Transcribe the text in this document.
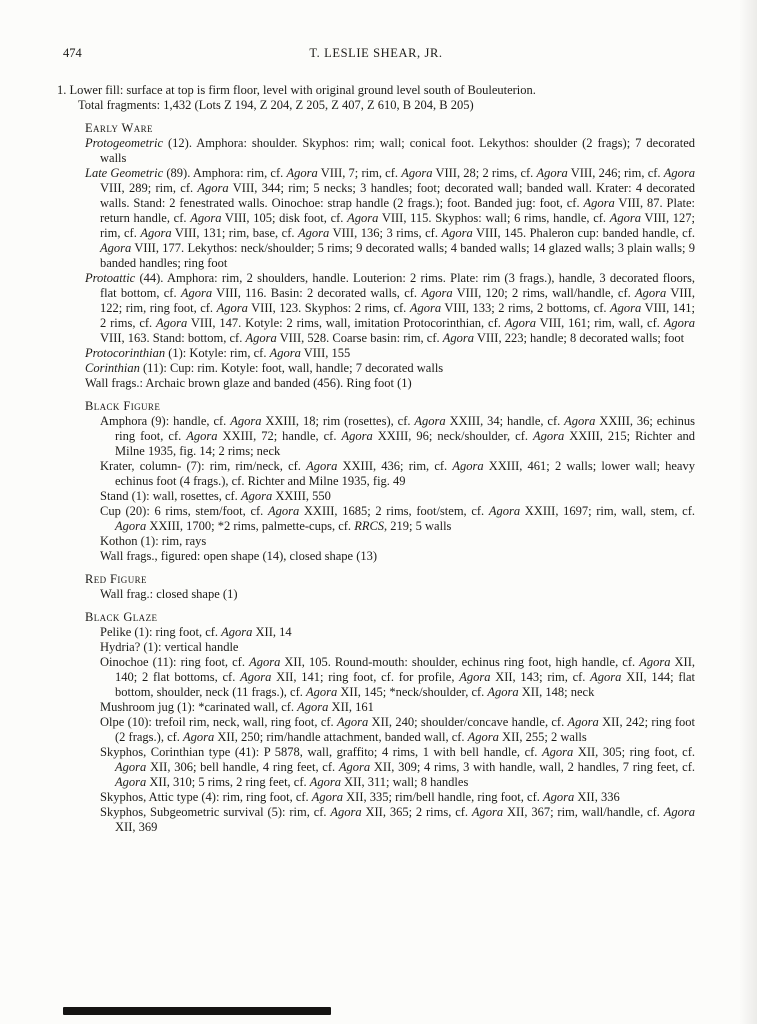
474	T. LESLIE SHEAR, JR.

1. Lower fill: surface at top is firm floor, level with original ground level south of Bouleuterion.

Total fragments: 1,432 (Lots Z 194, Z 204, Z 205, Z 407, Z 610, B 204, B 205)

Early Ware

Protogeometric (12). Amphora: shoulder. Skyphos: rim; wall; conical foot. Lekythos: shoulder (2 frags); 7 decorated walls

Late Geometric (89). Amphora: rim, cf. Agora VIII, 7; rim, cf. Agora VIII, 28; 2 rims, cf. Agora VIII, 246; rim, cf. Agora VIII, 289; rim, cf. Agora VIII, 344; rim; 5 necks; 3 handles; foot; decorated wall; banded wall. Krater: 4 decorated walls. Stand: 2 fenestrated walls. Oinochoe: strap handle (2 frags.); foot. Banded jug: foot, cf. Agora VIII, 87. Plate: return handle, cf. Agora VIII, 105; disk foot, cf. Agora VIII, 115. Skyphos: wall; 6 rims, handle, cf. Agora VIII, 127; rim, cf. Agora VIII, 131; rim, base, cf. Agora VIII, 136; 3 rims, cf. Agora VIII, 145. Phaleron cup: banded handle, cf. Agora VIII, 177. Lekythos: neck/shoulder; 5 rims; 9 decorated walls; 4 banded walls; 14 glazed walls; 3 plain walls; 9 banded handles; ring foot

Protoattic (44). Amphora: rim, 2 shoulders, handle. Louterion: 2 rims. Plate: rim (3 frags.), handle, 3 decorated floors, flat bottom, cf. Agora VIII, 116. Basin: 2 decorated walls, cf. Agora VIII, 120; 2 rims, wall/handle, cf. Agora VIII, 122; rim, ring foot, cf. Agora VIII, 123. Skyphos: 2 rims, cf. Agora VIII, 133; 2 rims, 2 bottoms, cf. Agora VIII, 141; 2 rims, cf. Agora VIII, 147. Kotyle: 2 rims, wall, imitation Protocorinthian, cf. Agora VIII, 161; rim, wall, cf. Agora VIII, 163. Stand: bottom, cf. Agora VIII, 528. Coarse basin: rim, cf. Agora VIII, 223; handle; 8 decorated walls; foot

Protocorinthian (1): Kotyle: rim, cf. Agora VIII, 155

Corinthian (11): Cup: rim. Kotyle: foot, wall, handle; 7 decorated walls

Wall frags.: Archaic brown glaze and banded (456). Ring foot (1)

Black Figure

Amphora (9): handle, cf. Agora XXIII, 18; rim (rosettes), cf. Agora XXIII, 34; handle, cf. Agora XXIII, 36; echinus ring foot, cf. Agora XXIII, 72; handle, cf. Agora XXIII, 96; neck/shoulder, cf. Agora XXIII, 215; Richter and Milne 1935, fig. 14; 2 rims; neck

Krater, column- (7): rim, rim/neck, cf. Agora XXIII, 436; rim, cf. Agora XXIII, 461; 2 walls; lower wall; heavy echinus foot (4 frags.), cf. Richter and Milne 1935, fig. 49

Stand (1): wall, rosettes, cf. Agora XXIII, 550

Cup (20): 6 rims, stem/foot, cf. Agora XXIII, 1685; 2 rims, foot/stem, cf. Agora XXIII, 1697; rim, wall, stem, cf. Agora XXIII, 1700; *2 rims, palmette-cups, cf. RRCS, 219; 5 walls

Kothon (1): rim, rays

Wall frags., figured: open shape (14), closed shape (13)

Red Figure

Wall frag.: closed shape (1)

Black Glaze

Pelike (1): ring foot, cf. Agora XII, 14

Hydria? (1): vertical handle

Oinochoe (11): ring foot, cf. Agora XII, 105. Round-mouth: shoulder, echinus ring foot, high handle, cf. Agora XII, 140; 2 flat bottoms, cf. Agora XII, 141; ring foot, cf. for profile, Agora XII, 143; rim, cf. Agora XII, 144; flat bottom, shoulder, neck (11 frags.), cf. Agora XII, 145; *neck/shoulder, cf. Agora XII, 148; neck

Mushroom jug (1): *carinated wall, cf. Agora XII, 161

Olpe (10): trefoil rim, neck, wall, ring foot, cf. Agora XII, 240; shoulder/concave handle, cf. Agora XII, 242; ring foot (2 frags.), cf. Agora XII, 250; rim/handle attachment, banded wall, cf. Agora XII, 255; 2 walls

Skyphos, Corinthian type (41): P 5878, wall, graffito; 4 rims, 1 with bell handle, cf. Agora XII, 305; ring foot, cf. Agora XII, 306; bell handle, 4 ring feet, cf. Agora XII, 309; 4 rims, 3 with handle, wall, 2 handles, 7 ring feet, cf. Agora XII, 310; 5 rims, 2 ring feet, cf. Agora XII, 311; wall; 8 handles

Skyphos, Attic type (4): rim, ring foot, cf. Agora XII, 335; rim/bell handle, ring foot, cf. Agora XII, 336

Skyphos, Subgeometric survival (5): rim, cf. Agora XII, 365; 2 rims, cf. Agora XII, 367; rim, wall/handle, cf. Agora XII, 369
